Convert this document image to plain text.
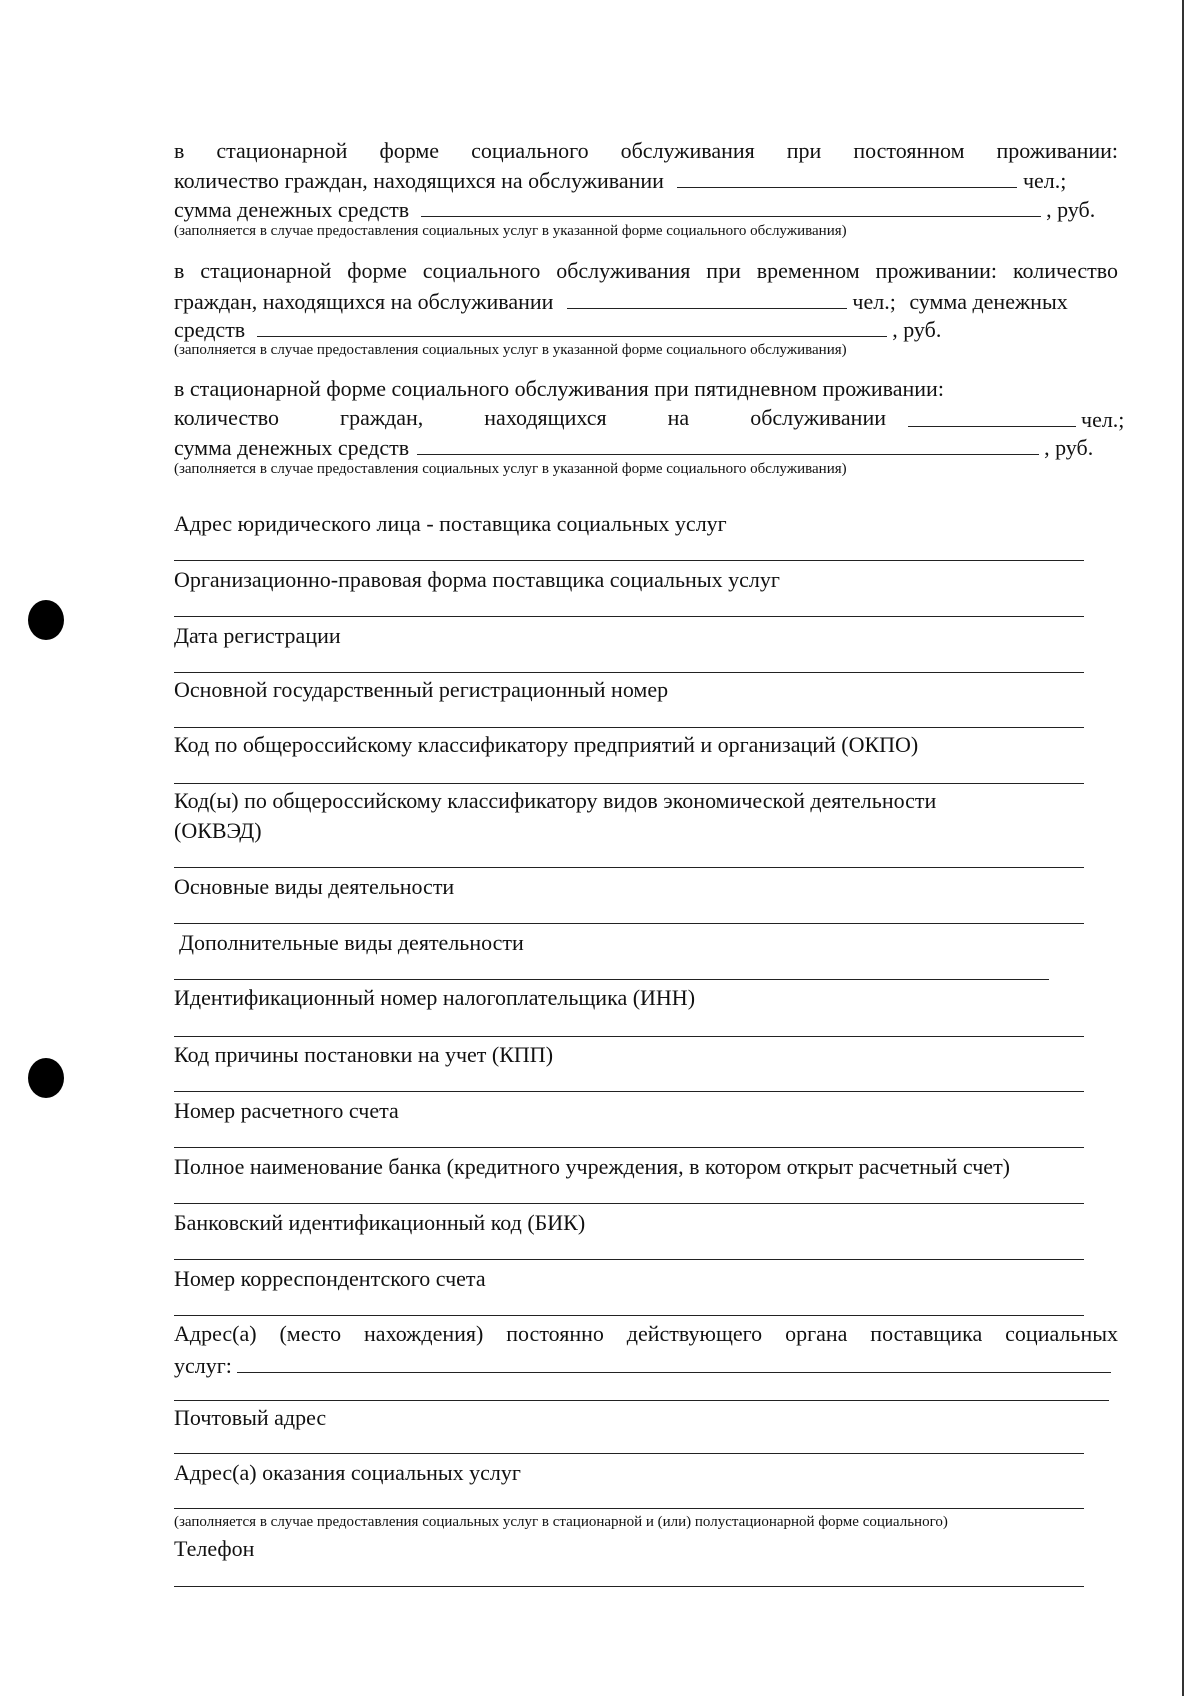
в стационарной форме социального обслуживания при постоянном проживании:
количество граждан, находящихся на обслуживании	чел.;
сумма денежных средств	, руб.
(заполняется в случае предоставления социальных услуг в указанной форме социального обслуживания)
в стационарной форме социального обслуживания при временном проживании: количество
граждан, находящихся на обслуживании	чел.; сумма денежных
средств	, руб.
(заполняется в случае предоставления социальных услуг в указанной форме социального обслуживания)
в стационарной форме социального обслуживания при пятидневном проживании:
количество граждан, находящихся на обслуживании	чел.;
сумма денежных средств	, руб.
(заполняется в случае предоставления социальных услуг в указанной форме социального обслуживания)
Адрес юридического лица - поставщика социальных услуг
Организационно-правовая форма поставщика социальных услуг
Дата регистрации
Основной государственный регистрационный номер
Код по общероссийскому классификатору предприятий и организаций (ОКПО)
Код(ы) по общероссийскому классификатору видов экономической деятельности
(ОКВЭД)
Основные виды деятельности
Дополнительные виды деятельности
Идентификационный номер налогоплательщика (ИНН)
Код причины постановки на учет (КПП)
Номер расчетного счета
Полное наименование банка (кредитного учреждения, в котором открыт расчетный счет)
Банковский идентификационный код (БИК)
Номер корреспондентского счета
Адрес(а) (место нахождения) постоянно действующего органа поставщика социальных
услуг:
Почтовый адрес
Адрес(а) оказания социальных услуг
(заполняется в случае предоставления социальных услуг в стационарной и (или) полустационарной форме социального)
Телефон
